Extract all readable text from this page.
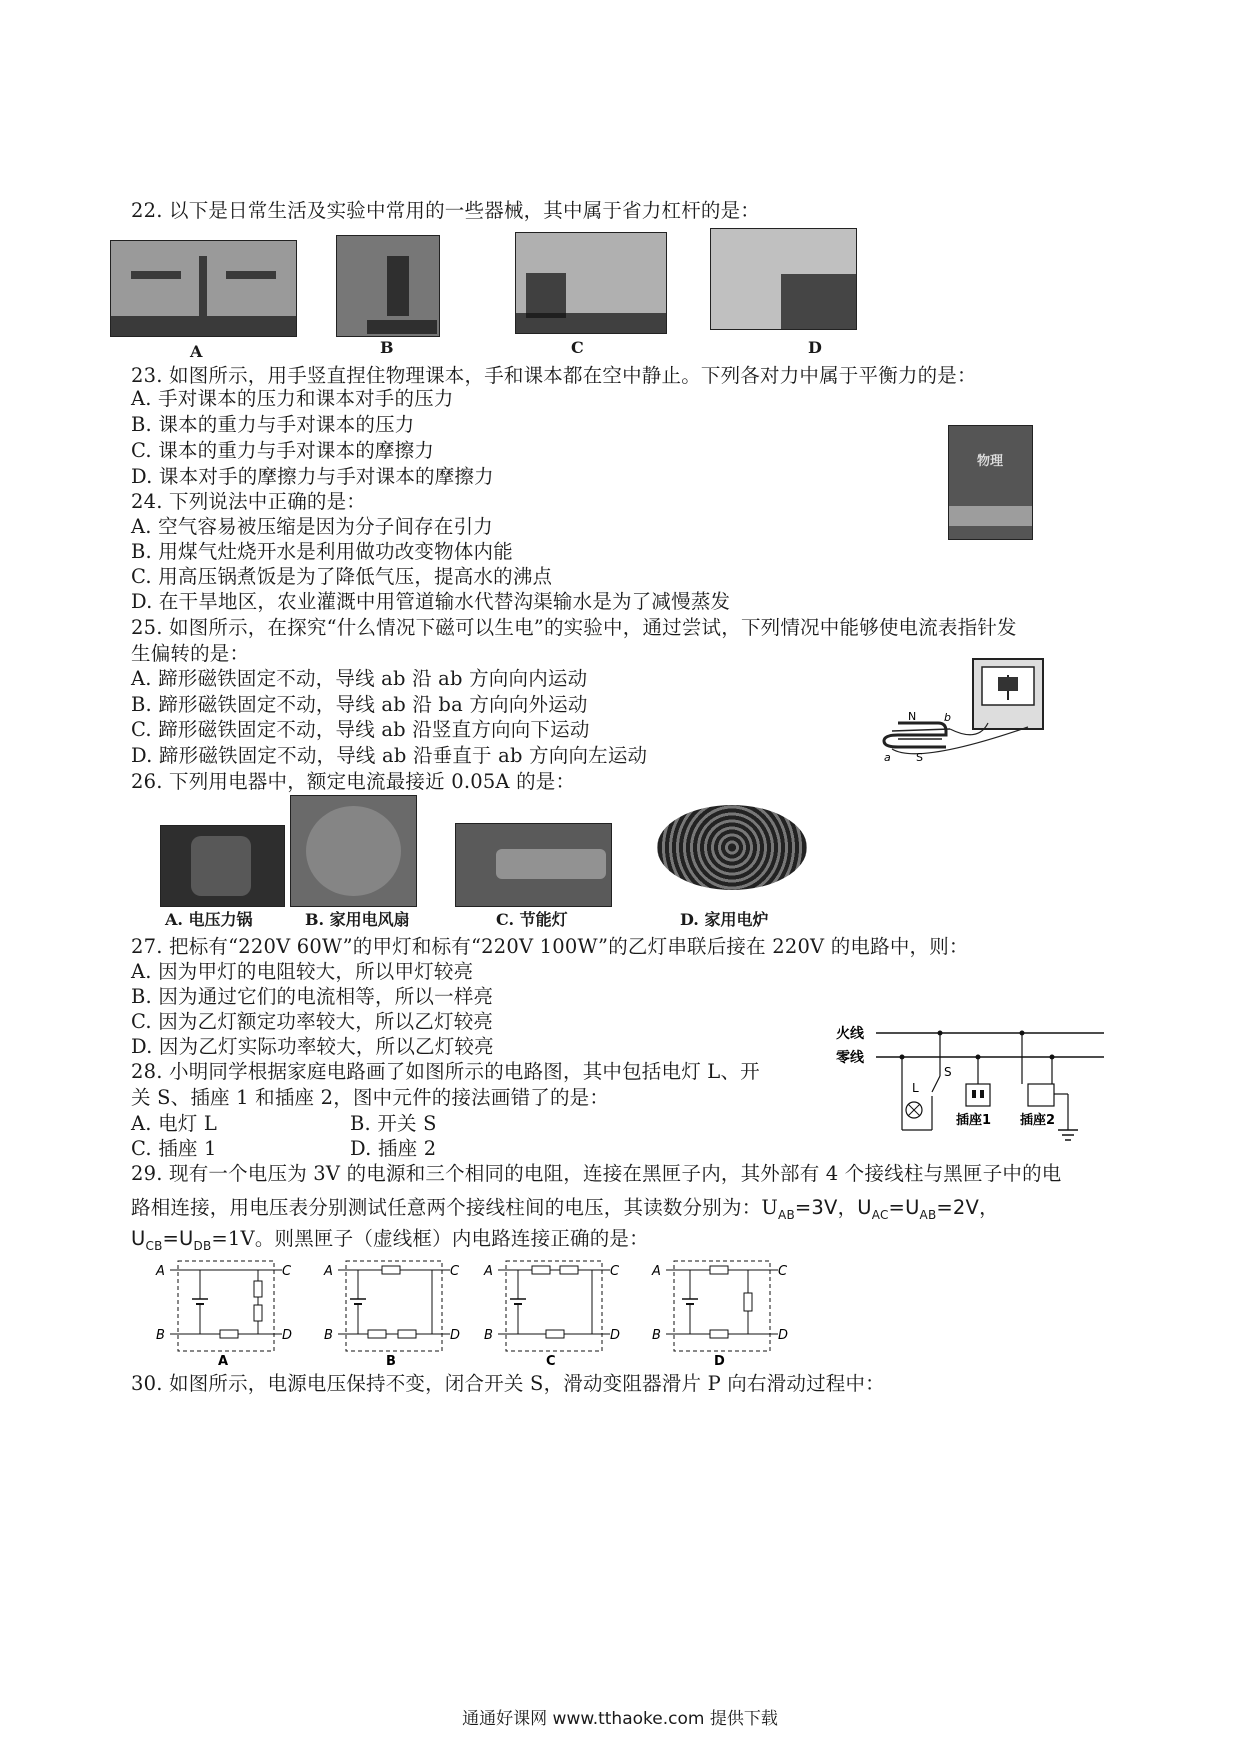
22. 以下是日常生活及实验中常用的一些器械，其中属于省力杠杆的是：
A	B	C	D
23. 如图所示，用手竖直捏住物理课本，手和课本都在空中静止。下列各对力中属于平衡力的是：
A. 手对课本的压力和课本对手的压力
B. 课本的重力与手对课本的压力
C. 课本的重力与手对课本的摩擦力
D. 课本对手的摩擦力与手对课本的摩擦力
物理
24. 下列说法中正确的是：
A. 空气容易被压缩是因为分子间存在引力
B. 用煤气灶烧开水是利用做功改变物体内能
C. 用高压锅煮饭是为了降低气压，提高水的沸点
D. 在干旱地区，农业灌溉中用管道输水代替沟渠输水是为了减慢蒸发
25. 如图所示，在探究“什么情况下磁可以生电”的实验中，通过尝试，下列情况中能够使电流表指针发
生偏转的是：
A. 蹄形磁铁固定不动，导线 ab 沿 ab 方向向内运动
B. 蹄形磁铁固定不动，导线 ab 沿 ba 方向向外运动
C. 蹄形磁铁固定不动，导线 ab 沿竖直方向向下运动
D. 蹄形磁铁固定不动，导线 ab 沿垂直于 ab 方向向左运动
N
S
a
b
26. 下列用电器中，额定电流最接近 0.05A 的是：
A. 电压力锅	B. 家用电风扇	C. 节能灯	D. 家用电炉
27. 把标有“220V 60W”的甲灯和标有“220V 100W”的乙灯串联后接在 220V 的电路中，则：
A. 因为甲灯的电阻较大，所以甲灯较亮
B. 因为通过它们的电流相等，所以一样亮
C. 因为乙灯额定功率较大，所以乙灯较亮
D. 因为乙灯实际功率较大，所以乙灯较亮
28. 小明同学根据家庭电路画了如图所示的电路图，其中包括电灯 L、开
关 S、插座 1 和插座 2，图中元件的接法画错了的是：
A. 电灯 L	B. 开关 S
C. 插座 1	D. 插座 2
火线
零线
L
S
插座1 插座2
29. 现有一个电压为 3V 的电源和三个相同的电阻，连接在黑匣子内，其外部有 4 个接线柱与黑匣子中的电
路相连接，用电压表分别测试任意两个接线柱间的电压，其读数分别为：$U_{AB}=3V$，$U_{AC}=U_{AB}=2V$，
$U_{CB}=U_{DB}=1V$。则黑匣子（虚线框）内电路连接正确的是：
A
B
C
D
A
A
B
C
D
B
A
B
C
D
C
A
B
C
D
D
30. 如图所示，电源电压保持不变，闭合开关 S，滑动变阻器滑片 P 向右滑动过程中：
通通好课网 www.tthaoke.com 提供下载
